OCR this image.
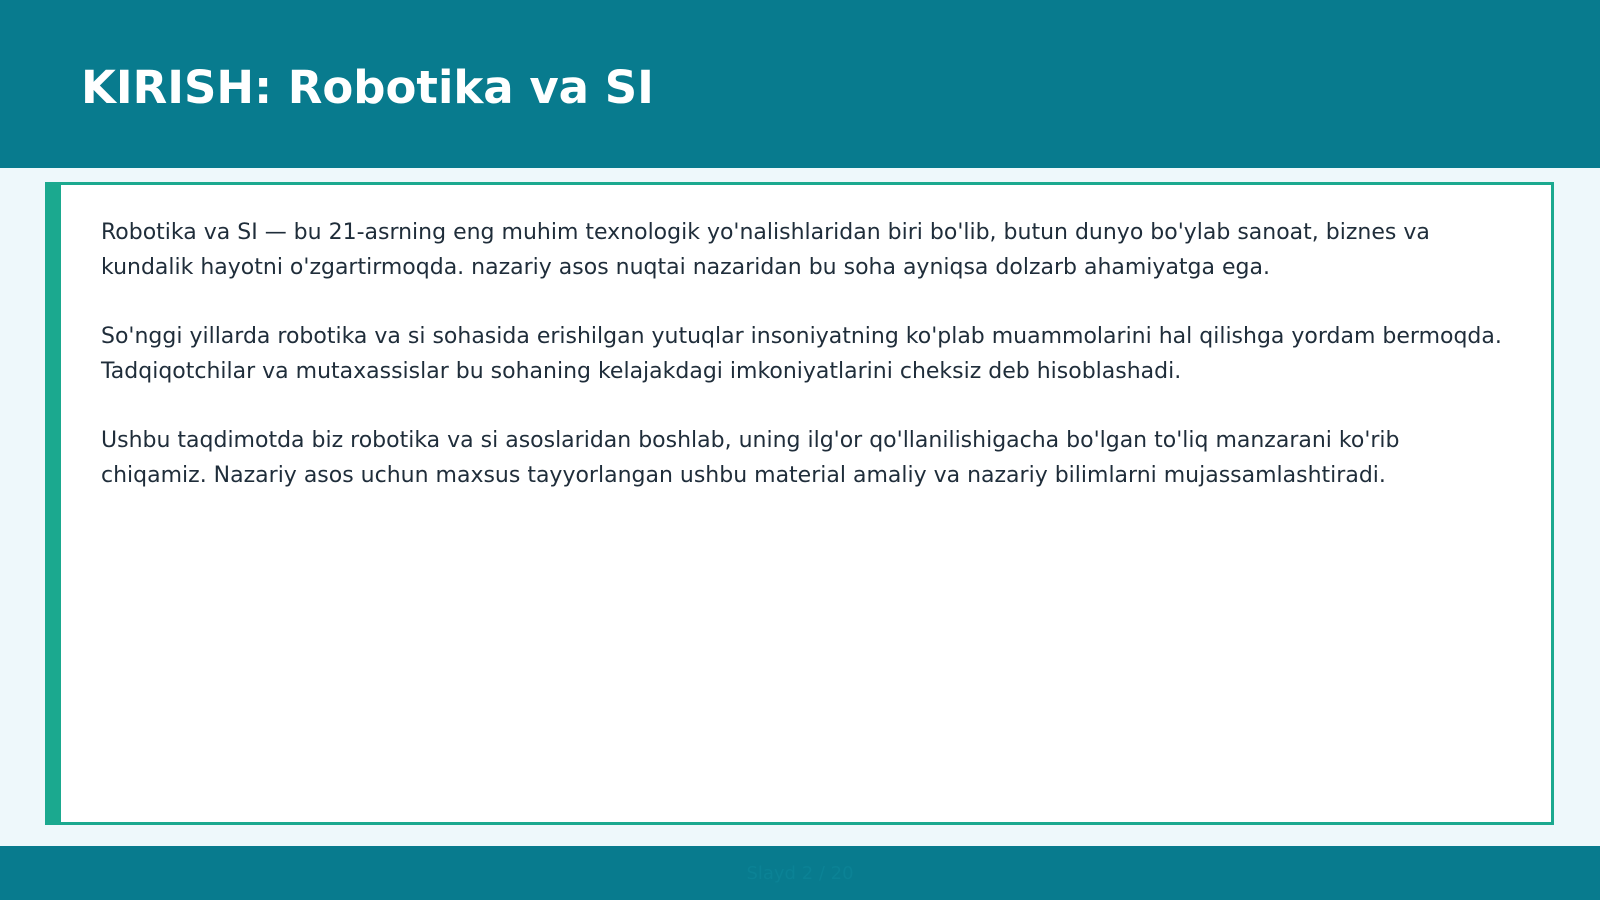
KIRISH: Robotika va SI

Robotika va SI — bu 21-asrning eng muhim texnologik yo'nalishlaridan biri bo'lib, butun dunyo bo'ylab sanoat, biznes va kundalik hayotni o'zgartirmoqda. nazariy asos nuqtai nazaridan bu soha ayniqsa dolzarb ahamiyatga ega.

So'nggi yillarda robotika va si sohasida erishilgan yutuqlar insoniyatning ko'plab muammolarini hal qilishga yordam bermoqda. Tadqiqotchilar va mutaxassislar bu sohaning kelajakdagi imkoniyatlarini cheksiz deb hisoblashadi.

Ushbu taqdimotda biz robotika va si asoslaridan boshlab, uning ilg'or qo'llanilishigacha bo'lgan to'liq manzarani ko'rib chiqamiz. Nazariy asos uchun maxsus tayyorlangan ushbu material amaliy va nazariy bilimlarni mujassamlashtiradi.

Slayd 2 / 20
